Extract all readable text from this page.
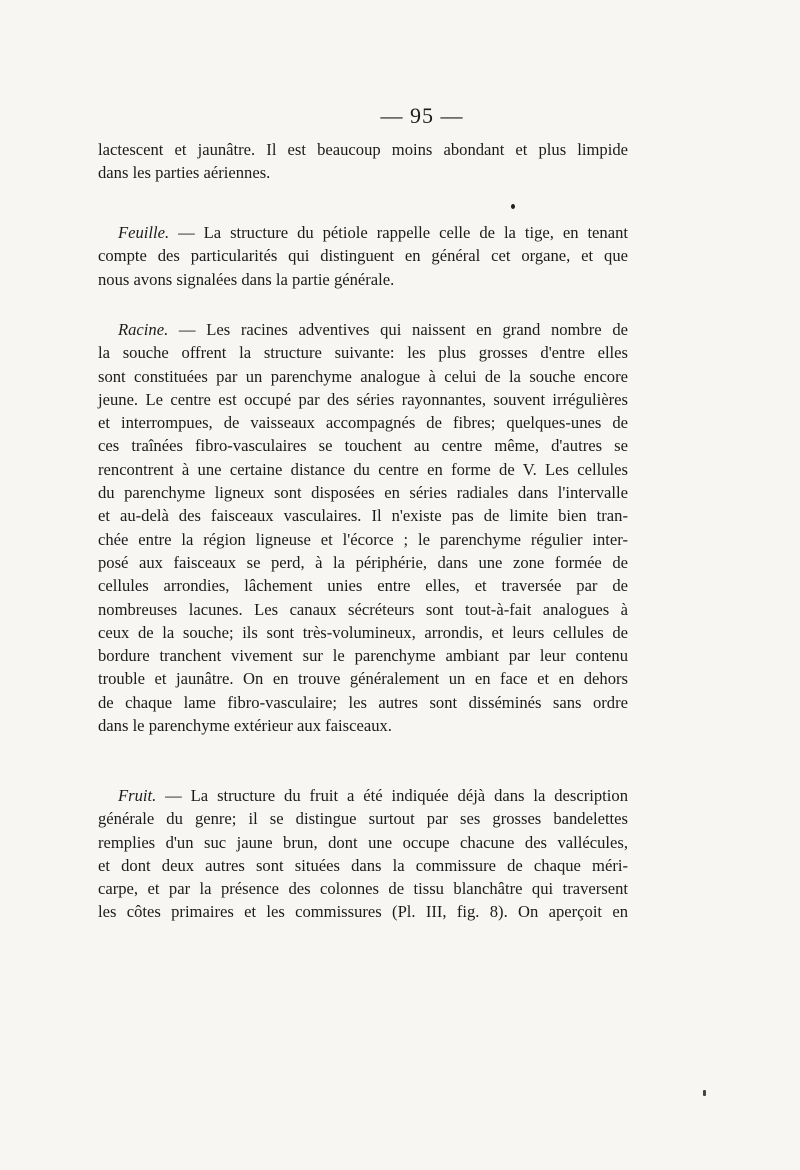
— 95 —
lactescent et jaunâtre. Il est beaucoup moins abondant et plus limpide
dans les parties aériennes.
Feuille. — La structure du pétiole rappelle celle de la tige, en tenant
compte des particularités qui distinguent en général cet organe, et que
nous avons signalées dans la partie générale.
Racine. — Les racines adventives qui naissent en grand nombre de
la souche offrent la structure suivante: les plus grosses d'entre elles
sont constituées par un parenchyme analogue à celui de la souche encore
jeune. Le centre est occupé par des séries rayonnantes, souvent irrégulières
et interrompues, de vaisseaux accompagnés de fibres; quelques-unes de
ces traînées fibro-vasculaires se touchent au centre même, d'autres se
rencontrent à une certaine distance du centre en forme de V. Les cellules
du parenchyme ligneux sont disposées en séries radiales dans l'intervalle
et au-delà des faisceaux vasculaires. Il n'existe pas de limite bien tran-
chée entre la région ligneuse et l'écorce ; le parenchyme régulier inter-
posé aux faisceaux se perd, à la périphérie, dans une zone formée de
cellules arrondies, lâchement unies entre elles, et traversée par de
nombreuses lacunes. Les canaux sécréteurs sont tout-à-fait analogues à
ceux de la souche; ils sont très-volumineux, arrondis, et leurs cellules de
bordure tranchent vivement sur le parenchyme ambiant par leur contenu
trouble et jaunâtre. On en trouve généralement un en face et en dehors
de chaque lame fibro-vasculaire; les autres sont disséminés sans ordre
dans le parenchyme extérieur aux faisceaux.
Fruit. — La structure du fruit a été indiquée déjà dans la description
générale du genre; il se distingue surtout par ses grosses bandelettes
remplies d'un suc jaune brun, dont une occupe chacune des vallécules,
et dont deux autres sont situées dans la commissure de chaque méri-
carpe, et par la présence des colonnes de tissu blanchâtre qui traversent
les côtes primaires et les commissures (Pl. III, fig. 8). On aperçoit en
